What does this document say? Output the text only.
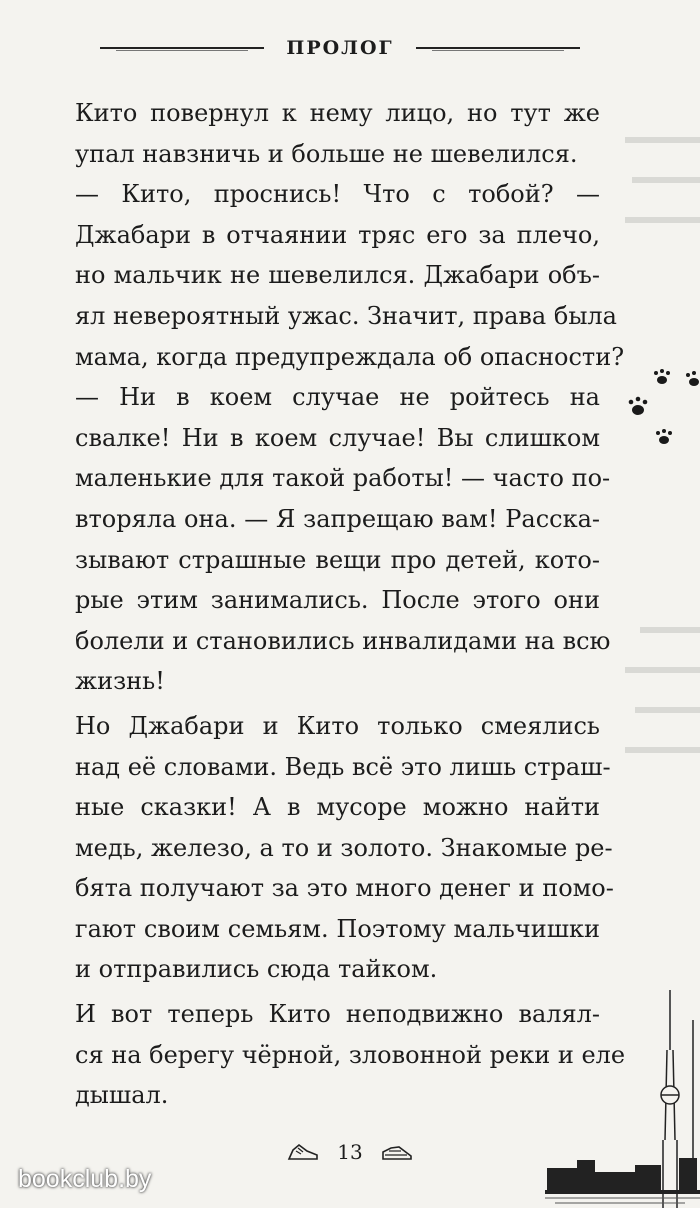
ПРОЛОГ
Кито повернул к нему лицо, но тут же
упал навзничь и больше не шевелился.
— Кито, проснись! Что с тобой? —
Джабари в отчаянии тряс его за плечо,
но мальчик не шевелился. Джабари объ-
ял невероятный ужас. Значит, права была
мама, когда предупреждала об опасности?
— Ни в коем случае не ройтесь на
свалке! Ни в коем случае! Вы слишком
маленькие для такой работы! — часто по-
вторяла она. — Я запрещаю вам! Расска-
зывают страшные вещи про детей, кото-
рые этим занимались. После этого они
болели и становились инвалидами на всю
жизнь!
Но Джабари и Кито только смеялись
над её словами. Ведь всё это лишь страш-
ные сказки! А в мусоре можно найти
медь, железо, а то и золото. Знакомые ре-
бята получают за это много денег и помо-
гают своим семьям. Поэтому мальчишки
и отправились сюда тайком.
И вот теперь Кито неподвижно валял-
ся на берегу чёрной, зловонной реки и еле
дышал.
13
bookclub.by
